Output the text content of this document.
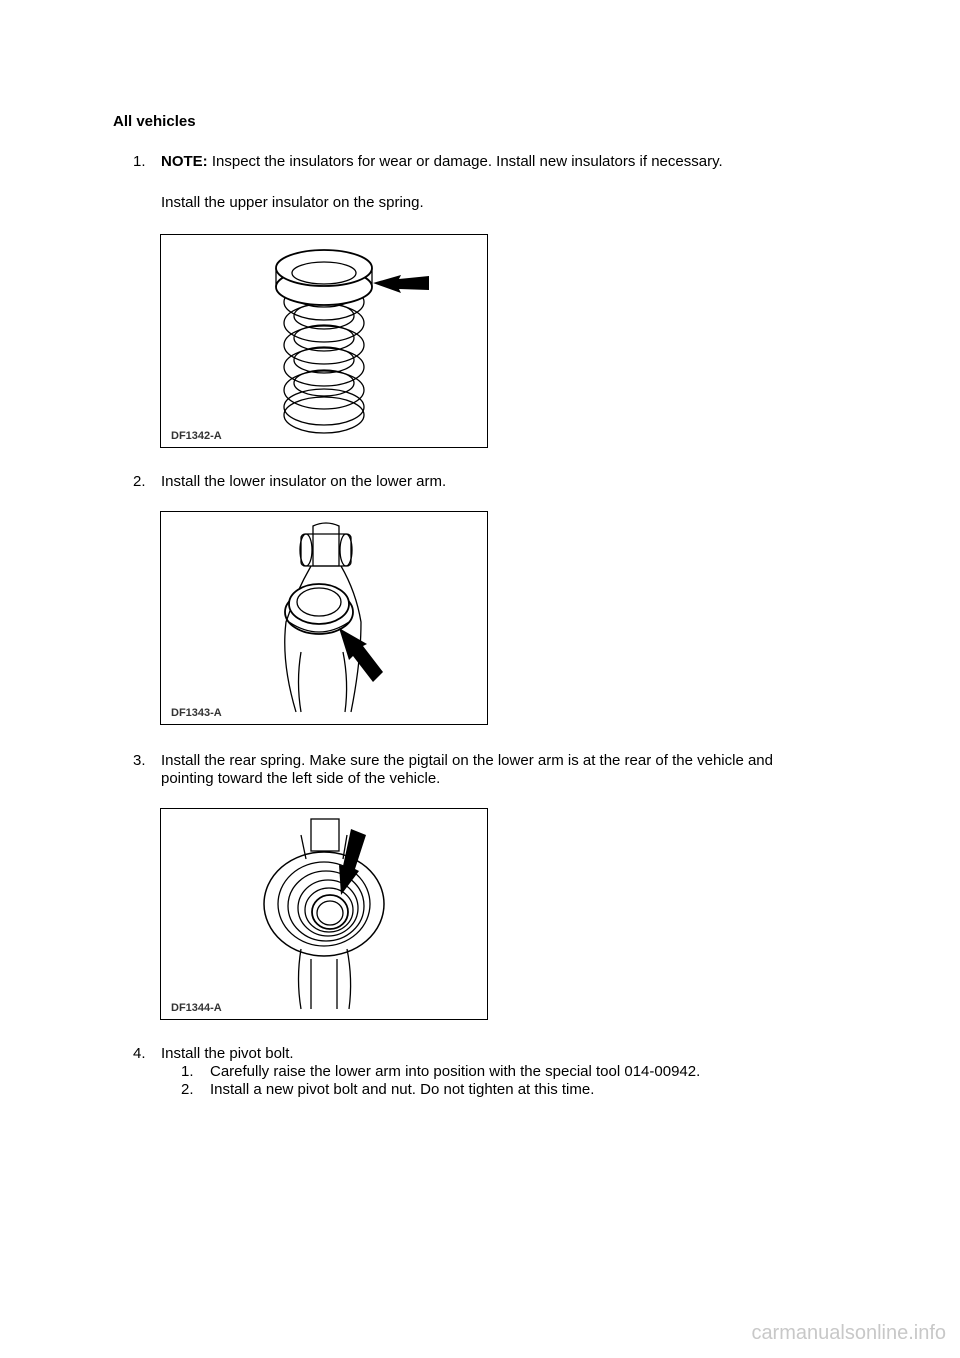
All vehicles
1. NOTE: Inspect the insulators for wear or damage. Install new insulators if necessary.
Install the upper insulator on the spring.
DF1342-A
2. Install the lower insulator on the lower arm.
DF1343-A
3. Install the rear spring. Make sure the pigtail on the lower arm is at the rear of the vehicle and
pointing toward the left side of the vehicle.
DF1344-A
4. Install the pivot bolt.
1. Carefully raise the lower arm into position with the special tool 014-00942.
2. Install a new pivot bolt and nut. Do not tighten at this time.
carmanualsonline.info
